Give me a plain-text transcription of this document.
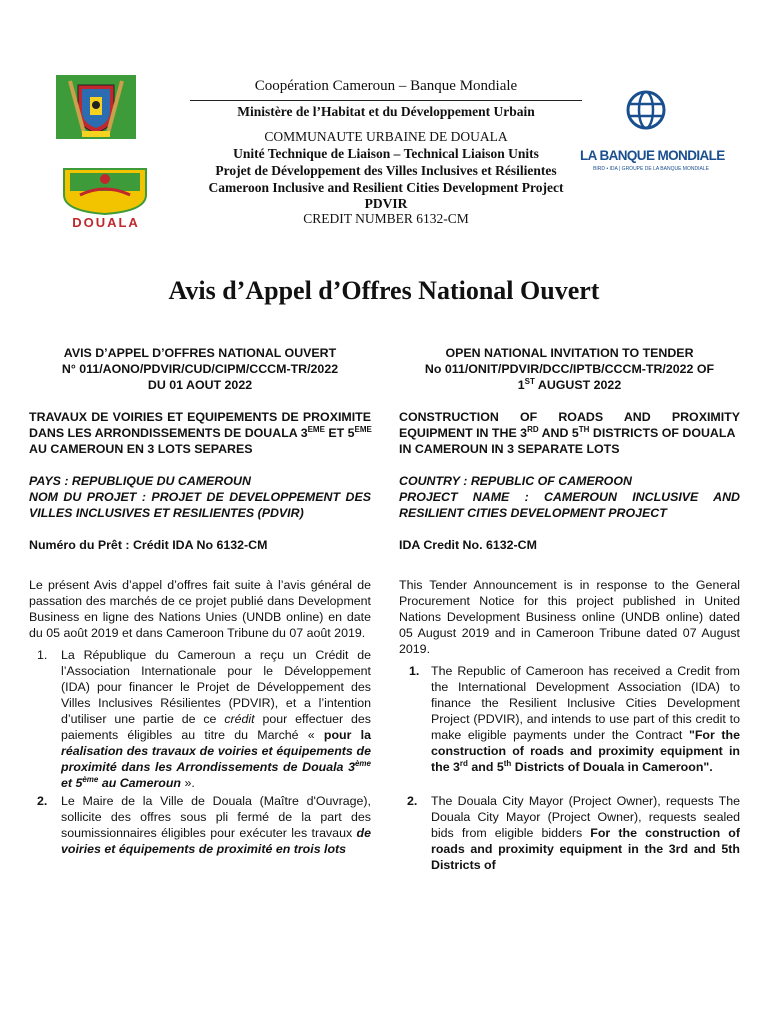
DOUALA
LA BANQUE MONDIALE
BIRD • IDA | GROUPE DE LA BANQUE MONDIALE
Coopération Cameroun – Banque Mondiale
Ministère de l’Habitat et du Développement Urbain
COMMUNAUTE URBAINE DE DOUALA
Unité Technique de Liaison – Technical Liaison Units
Projet de Développement des Villes Inclusives et Résilientes
Cameroon Inclusive and Resilient Cities Development Project
PDVIR
CREDIT NUMBER 6132-CM
Avis d’Appel d’Offres National Ouvert

AVIS D’APPEL D’OFFRES NATIONAL OUVERT

N° 011/AONO/PDVIR/CUD/CIPM/CCCM-TR/2022

DU 01 AOUT 2022

TRAVAUX DE VOIRIES ET EQUIPEMENTS DE PROXIMITE

DANS LES ARRONDISSEMENTS DE DOUALA 3EME ET 5EME

AU CAMEROUN EN 3 LOTS SEPARES

PAYS : REPUBLIQUE DU CAMEROUN

NOM DU PROJET : PROJET DE DEVELOPPEMENT DES

VILLES INCLUSIVES ET RESILIENTES (PDVIR)

Numéro du Prêt : Crédit IDA No 6132-CM

Le présent Avis d’appel d’offres fait suite à l’avis général de passation des marchés de ce projet publié dans Development Business en ligne des Nations Unies (UNDB online) en date du 05 août 2019 et dans Cameroon Tribune du 07 août 2019.

1. La République du Cameroun a reçu un Crédit de l’Association Internationale pour le Développement (IDA) pour financer le Projet de Développement des Villes Inclusives Résilientes (PDVIR), et a l’intention d’utiliser une partie de ce crédit pour effectuer des paiements éligibles au titre du Marché « pour la réalisation des travaux de voiries et équipements de proximité dans les Arrondissements de Douala 3ème et 5ème au Cameroun ».
2. Le Maire de la Ville de Douala (Maître d'Ouvrage), sollicite des offres sous pli fermé de la part des soumissionnaires éligibles pour exécuter les travaux de voiries et équipements de proximité en trois lots

OPEN NATIONAL INVITATION TO TENDER

No 011/ONIT/PDVIR/DCC/IPTB/CCCM-TR/2022 OF

1ST AUGUST 2022

CONSTRUCTION OF ROADS AND PROXIMITY

EQUIPMENT IN THE 3RD AND 5TH DISTRICTS OF DOUALA

IN CAMEROUN IN 3 SEPARATE LOTS

COUNTRY : REPUBLIC OF CAMEROON

PROJECT NAME : CAMEROUN INCLUSIVE AND

RESILIENT CITIES DEVELOPMENT PROJECT

IDA Credit No. 6132-CM

This Tender Announcement is in response to the General Procurement Notice for this project published in United Nations Development Business online (UNDB online) dated 05 August 2019 and in Cameroon Tribune dated 07 August 2019.

1. The Republic of Cameroon has received a Credit from the International Development Association (IDA) to finance the Resilient Inclusive Cities Development Project (PDVIR), and intends to use part of this credit to make eligible payments under the Contract "For the construction of roads and proximity equipment in the 3rd and 5th Districts of Douala in Cameroon".
2. The Douala City Mayor (Project Owner), requests The Douala City Mayor (Project Owner), requests sealed bids from eligible bidders For the construction of roads and proximity equipment in the 3rd and 5th Districts of
